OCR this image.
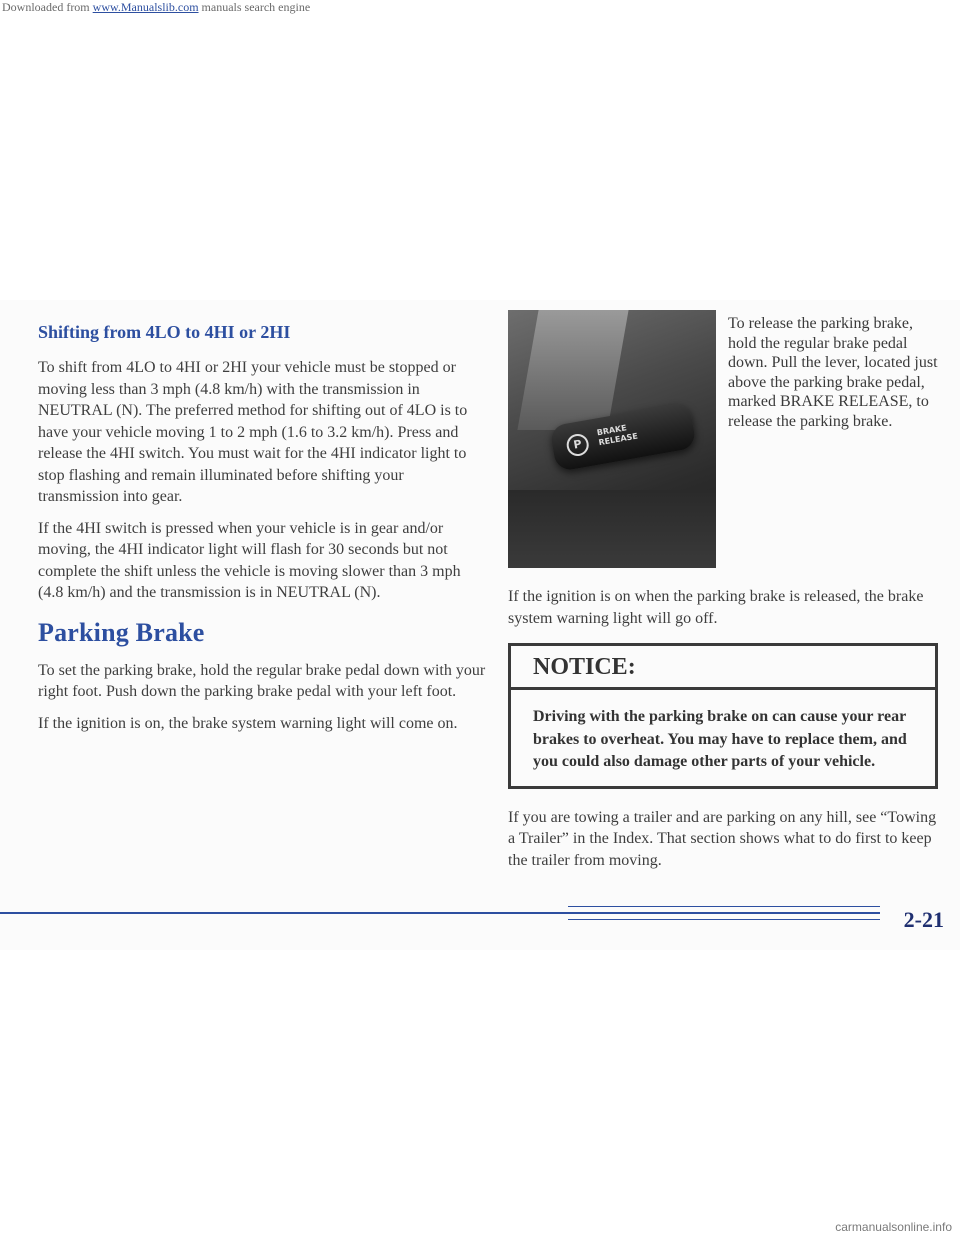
Downloaded from www.Manualslib.com manuals search engine
Shifting from 4LO to 4HI or 2HI

To shift from 4LO to 4HI or 2HI your vehicle must be stopped or moving less than 3 mph (4.8 km/h) with the transmission in NEUTRAL (N). The preferred method for shifting out of 4LO is to have your vehicle moving 1 to 2 mph (1.6 to 3.2 km/h). Press and release the 4HI switch. You must wait for the 4HI indicator light to stop flashing and remain illuminated before shifting your transmission into gear.

If the 4HI switch is pressed when your vehicle is in gear and/or moving, the 4HI indicator light will flash for 30 seconds but not complete the shift unless the vehicle is moving slower than 3 mph (4.8 km/h) and the transmission is in NEUTRAL (N).

Parking Brake

To set the parking brake, hold the regular brake pedal down with your right foot. Push down the parking brake pedal with your left foot.

If the ignition is on, the brake system warning light will come on.

P
BRAKE
RELEASE

To release the parking brake, hold the regular brake pedal down. Pull the lever, located just above the parking brake pedal, marked BRAKE RELEASE, to release the parking brake.

If the ignition is on when the parking brake is released, the brake system warning light will go off.

NOTICE:
Driving with the parking brake on can cause your rear brakes to overheat. You may have to replace them, and you could also damage other parts of your vehicle.

If you are towing a trailer and are parking on any hill, see “Towing a Trailer” in the Index. That section shows what to do first to keep the trailer from moving.

2-21
carmanualsonline.info
